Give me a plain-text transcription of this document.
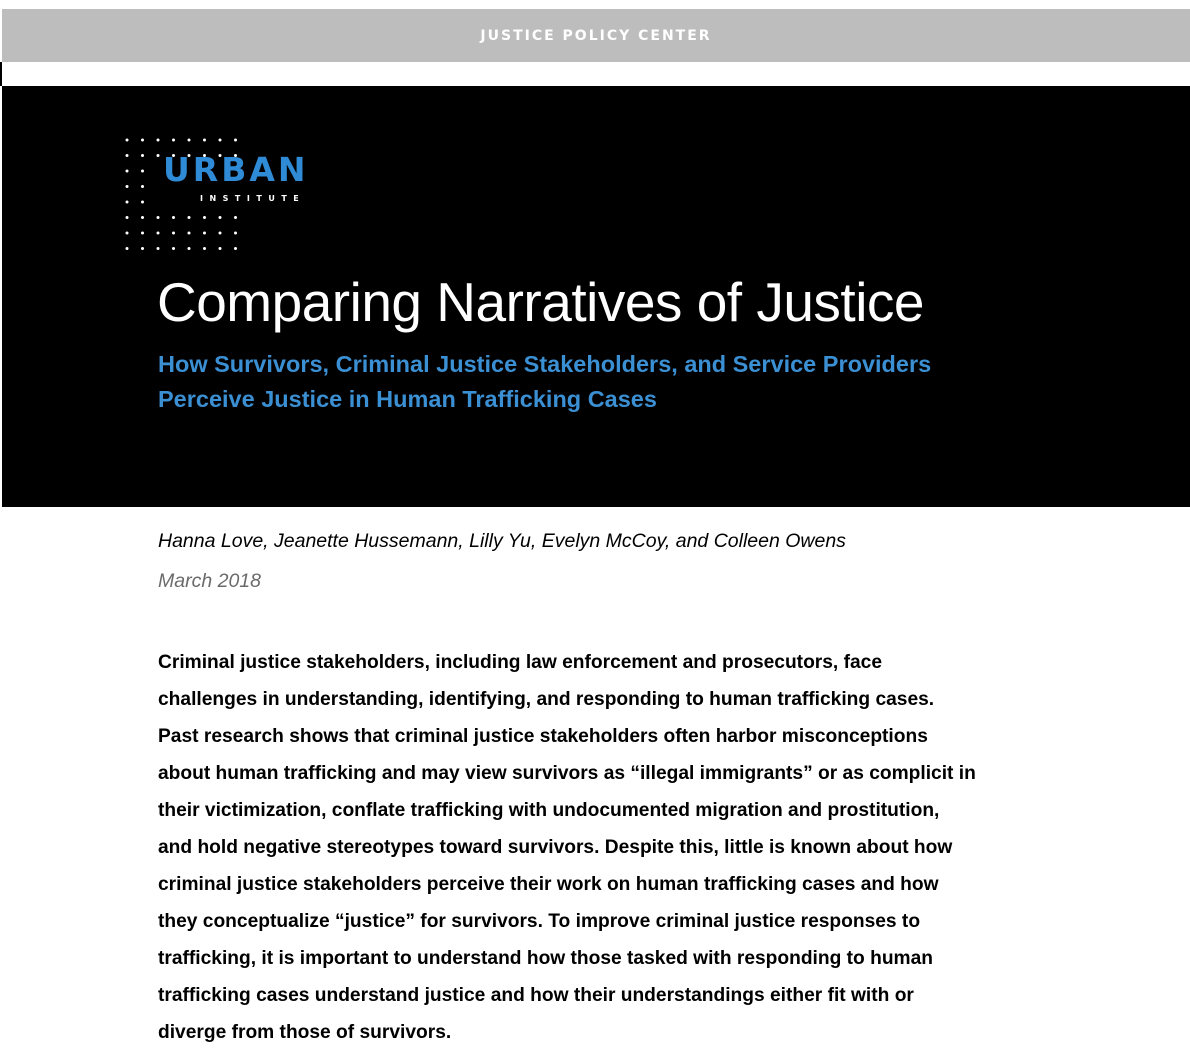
JUSTICE POLICY CENTER
URBAN
INSTITUTE
Comparing Narratives of Justice
How Survivors, Criminal Justice Stakeholders, and Service Providers
Perceive Justice in Human Trafficking Cases
Hanna Love, Jeanette Hussemann, Lilly Yu, Evelyn McCoy, and Colleen Owens
March 2018
Criminal justice stakeholders, including law enforcement and prosecutors, face
challenges in understanding, identifying, and responding to human trafficking cases.
Past research shows that criminal justice stakeholders often harbor misconceptions
about human trafficking and may view survivors as “illegal immigrants” or as complicit in
their victimization, conflate trafficking with undocumented migration and prostitution,
and hold negative stereotypes toward survivors. Despite this, little is known about how
criminal justice stakeholders perceive their work on human trafficking cases and how
they conceptualize “justice” for survivors. To improve criminal justice responses to
trafficking, it is important to understand how those tasked with responding to human
trafficking cases understand justice and how their understandings either fit with or
diverge from those of survivors.
